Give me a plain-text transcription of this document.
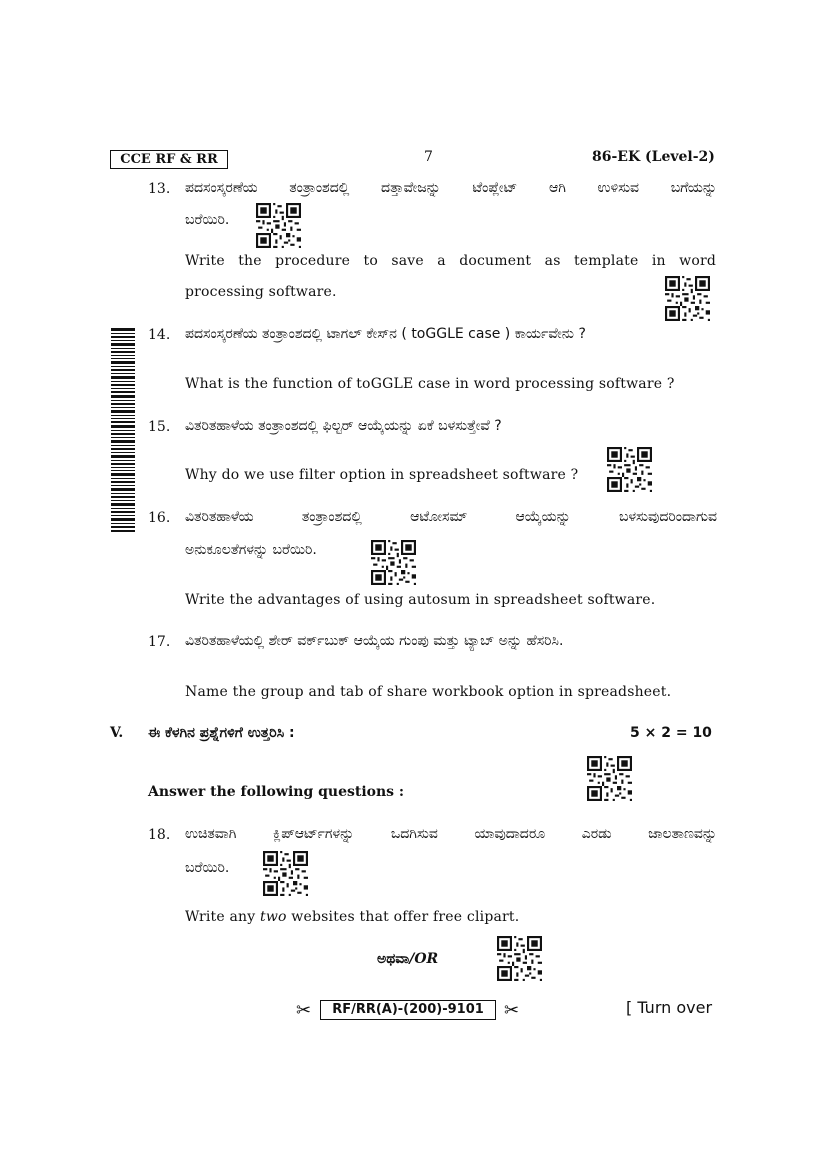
CCE RF & RR	7	86-EK (Level-2)
13. ಪದಸಂಸ್ಕರಣೆಯ ತಂತ್ರಾಂಶದಲ್ಲಿ ದತ್ತಾವೇಜನ್ನು ಟೆಂಪ್ಲೇಟ್ ಆಗಿ ಉಳಿಸುವ ಬಗೆಯನ್ನು
ಬರೆಯಿರಿ.
Write the procedure to save a document as template in word
processing software.
14. ಪದಸಂಸ್ಕರಣೆಯ ತಂತ್ರಾಂಶದಲ್ಲಿ ಟಾಗಲ್ ಕೇಸ್‌ನ ( toGGLE case ) ಕಾರ್ಯವೇನು ?
What is the function of toGGLE case in word processing software ?
15. ವಿತರಿತಹಾಳೆಯ ತಂತ್ರಾಂಶದಲ್ಲಿ ಫಿಲ್ಟರ್ ಆಯ್ಕೆಯನ್ನು ಏಕೆ ಬಳಸುತ್ತೇವೆ ?
Why do we use filter option in spreadsheet software ?
16. ವಿತರಿತಹಾಳೆಯ ತಂತ್ರಾಂಶದಲ್ಲಿ ಆಟೋಸಮ್ ಆಯ್ಕೆಯನ್ನು ಬಳಸುವುದರಿಂದಾಗುವ
ಅನುಕೂಲತೆಗಳನ್ನು ಬರೆಯಿರಿ.
Write the advantages of using autosum in spreadsheet software.
17. ವಿತರಿತಹಾಳೆಯಲ್ಲಿ ಶೇರ್ ವರ್ಕ್‌ಬುಕ್ ಆಯ್ಕೆಯ ಗುಂಪು ಮತ್ತು ಟ್ಯಾಬ್ ಅನ್ನು ಹೆಸರಿಸಿ.
Name the group and tab of share workbook option in spreadsheet.
V. ಈ ಕೆಳಗಿನ ಪ್ರಶ್ನೆಗಳಿಗೆ ಉತ್ತರಿಸಿ :	5 × 2 = 10
Answer the following questions :
18. ಉಚಿತವಾಗಿ ಕ್ಲಿಪ್‌ಆರ್ಟ್‌ಗಳನ್ನು ಒದಗಿಸುವ ಯಾವುದಾದರೂ ಎರಡು ಜಾಲತಾಣವನ್ನು
ಬರೆಯಿರಿ.
Write any two websites that offer free clipart.
ಅಥವಾ/OR
✂	RF/RR(A)-(200)-9101	✂	[ Turn over
